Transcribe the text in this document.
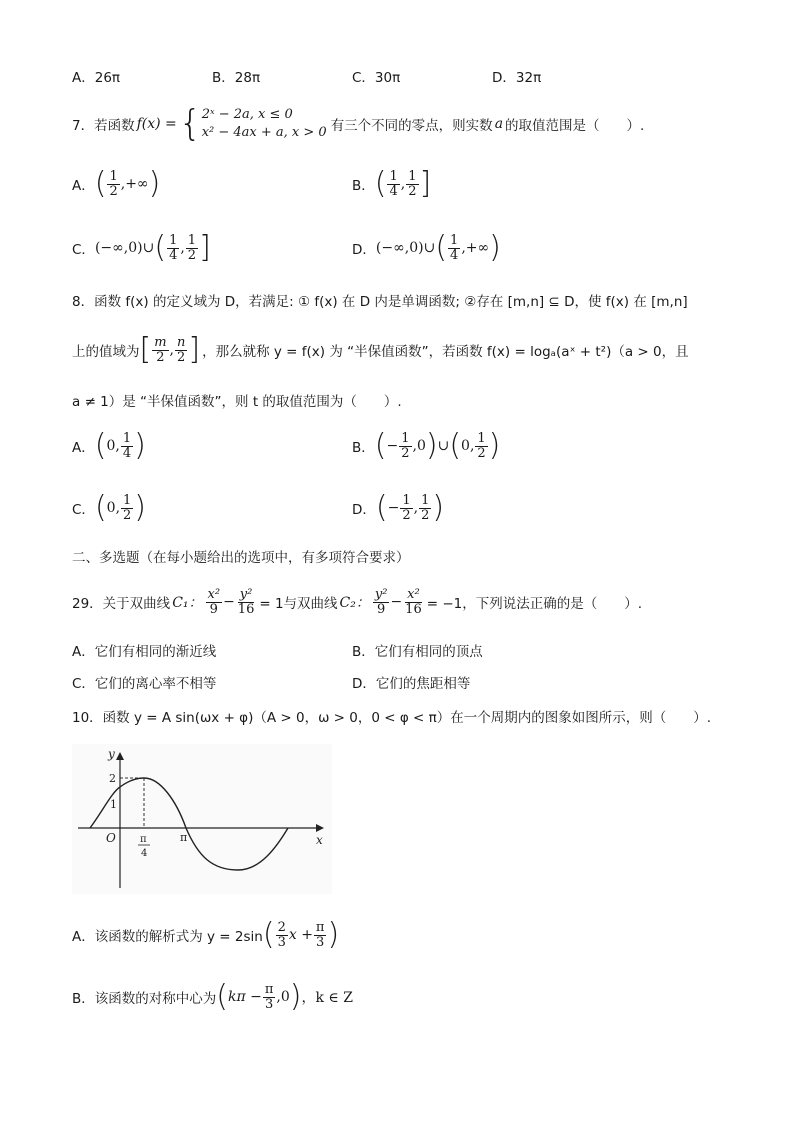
A．26π	B．28π	C．30π	D．32π
7．若函数 f(x) = { 2ˣ − 2a, x ≤ 0
x² − 4ax + a, x > 0 有三个不同的零点，则实数 a 的取值范围是（　　）.
A． ( $\frac{1}{2}$ ,+∞ )	B． ( $\frac{1}{4}$ , $\frac{1}{2}$ ]
C． (−∞,0)∪ ( $\frac{1}{4}$ , $\frac{1}{2}$ ]	D． (−∞,0)∪ ( $\frac{1}{4}$ ,+∞ )
8．函数 f(x) 的定义域为 D，若满足: ① f(x) 在 D 内是单调函数; ②存在 [m,n] ⊆ D，使 f(x) 在 [m,n]
上的值域为 [ $\frac{m}{2}$ , $\frac{n}{2}$ ] ，那么就称 y = f(x) 为 “半保值函数”，若函数 f(x) = logₐ(aˣ + t²)（a > 0，且
a ≠ 1）是 “半保值函数”，则 t 的取值范围为（　　）.
A． ( 0, $\frac{1}{4}$ )	B． ( − $\frac{1}{2} ,0$ ) ∪ ( 0, $\frac{1}{2}$ )
C． ( 0, $\frac{1}{2}$ )	D． ( − $\frac{1}{2}$ , $\frac{1}{2}$ )
二、多选题（在每小题给出的选项中，有多项符合要求）
29．关于双曲线 C₁： $\frac{\text{x²}}{9} - \frac{\text{y²}}{16} = 1$与双曲线 C₂： $\frac{\text{y²}}{9} - \frac{\text{x²}}{16} = -1$，下列说法正确的是（　　）.
A．它们有相同的渐近线	B．它们有相同的顶点
C．它们的离心率不相等	D．它们的焦距相等
10．函数 y = A sin(ωx + φ)（A > 0，ω > 0，0 < φ < π）在一个周期内的图象如图所示，则（　　）.
y
x
O
2
1
π
4
π
A．该函数的解析式为 y = 2sin ( $\frac{2}{3}$ $x + \frac{\pi}{3}$ )
B．该函数的对称中心为 ( $k\pi - \frac{\pi}{3} ,0$ ) ，k ∈ Z
